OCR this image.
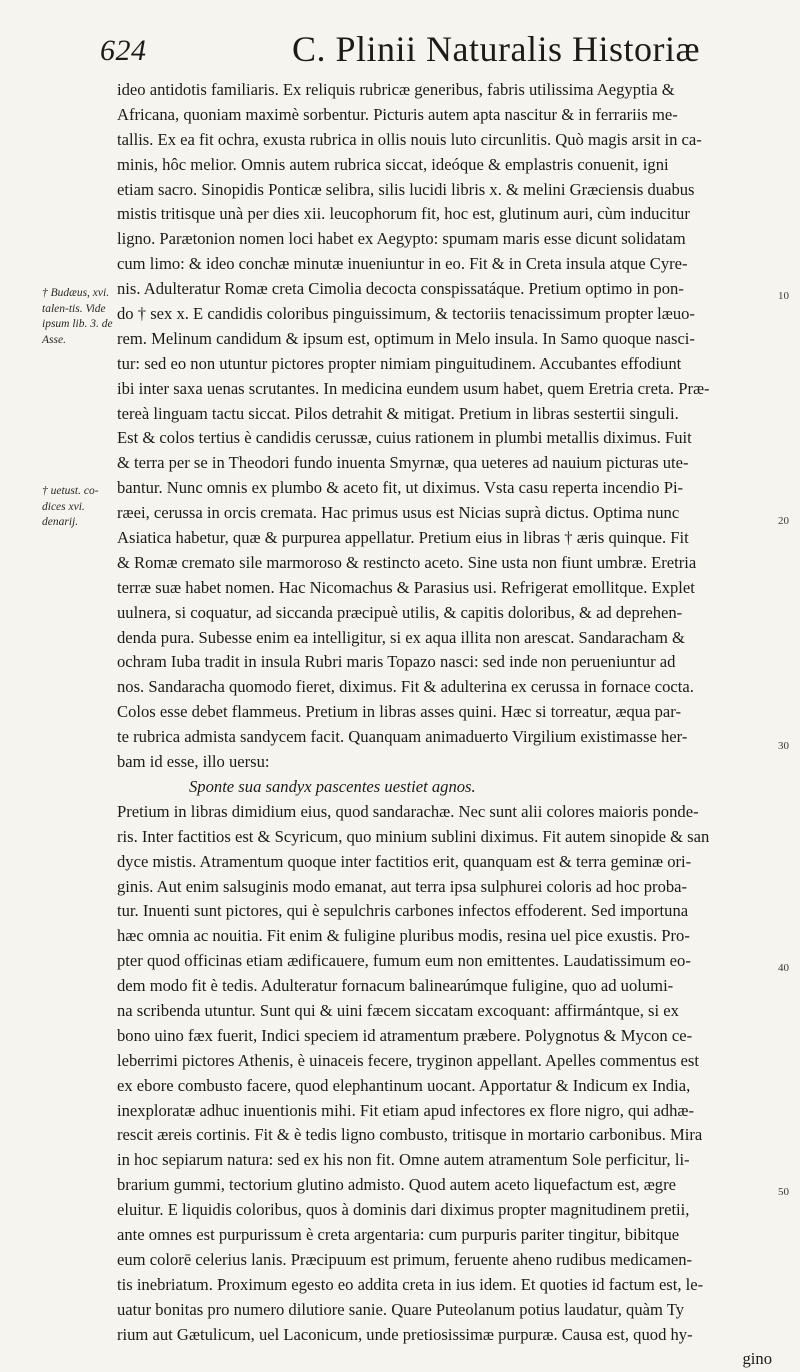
624	C. Plinii Naturalis Historiæ
† Budæus, xvi. talen-tis. Vide ipsum lib. 3. de Asse.
† uetust. co-dices xvi. denarij.
ideo antidotis familiaris. Ex reliquis rubricæ generibus, fabris utilissima Aegyptia &
Africana, quoniam maximè sorbentur. Picturis autem apta nascitur & in ferrariis me-
tallis. Ex ea fit ochra, exusta rubrica in ollis nouis luto circunlitis. Quò magis arsit in ca-
minis, hôc melior. Omnis autem rubrica siccat, ideóque & emplastris conuenit, igni
etiam sacro. Sinopidis Ponticæ selibra, silis lucidi libris x. & melini Græciensis duabus
mistis tritisque unà per dies xii. leucophorum fit, hoc est, glutinum auri, cùm inducitur
ligno. Parætonion nomen loci habet ex Aegypto: spumam maris esse dicunt solidatam
cum limo: & ideo conchæ minutæ inueniuntur in eo. Fit & in Creta insula atque Cyre-
nis. Adulteratur Romæ creta Cimolia decocta conspissatáque. Pretium optimo in pon-
do † sex x. E candidis coloribus pinguissimum, & tectoriis tenacissimum propter læuo-
rem. Melinum candidum & ipsum est, optimum in Melo insula. In Samo quoque nasci-
tur: sed eo non utuntur pictores propter nimiam pinguitudinem. Accubantes effodiunt
ibi inter saxa uenas scrutantes. In medicina eundem usum habet, quem Eretria creta. Præ-
tereà linguam tactu siccat. Pilos detrahit & mitigat. Pretium in libras sestertii singuli.
Est & colos tertius è candidis cerussæ, cuius rationem in plumbi metallis diximus. Fuit
& terra per se in Theodori fundo inuenta Smyrnæ, qua ueteres ad nauium picturas ute-
bantur. Nunc omnis ex plumbo & aceto fit, ut diximus. Vsta casu reperta incendio Pi-
ræei, cerussa in orcis cremata. Hac primus usus est Nicias suprà dictus. Optima nunc
Asiatica habetur, quæ & purpurea appellatur. Pretium eius in libras † æris quinque. Fit
& Romæ cremato sile marmoroso & restincto aceto. Sine usta non fiunt umbræ. Eretria
terræ suæ habet nomen. Hac Nicomachus & Parasius usi. Refrigerat emollitque. Explet
uulnera, si coquatur, ad siccanda præcipuè utilis, & capitis doloribus, & ad deprehen-
denda pura. Subesse enim ea intelligitur, si ex aqua illita non arescat. Sandaracham &
ochram Iuba tradit in insula Rubri maris Topazo nasci: sed inde non perueniuntur ad
nos. Sandaracha quomodo fieret, diximus. Fit & adulterina ex cerussa in fornace cocta.
Colos esse debet flammeus. Pretium in libras asses quini. Hæc si torreatur, æqua par-
te rubrica admista sandycem facit. Quanquam animaduerto Virgilium existimasse her-
bam id esse, illo uersu:
Sponte sua sandyx pascentes uestiet agnos.
Pretium in libras dimidium eius, quod sandarachæ. Nec sunt alii colores maioris ponde-
ris. Inter factitios est & Scyricum, quo minium sublini diximus. Fit autem sinopide & san
dyce mistis. Atramentum quoque inter factitios erit, quanquam est & terra geminæ ori-
ginis. Aut enim salsuginis modo emanat, aut terra ipsa sulphurei coloris ad hoc proba-
tur. Inuenti sunt pictores, qui è sepulchris carbones infectos effoderent. Sed importuna
hæc omnia ac nouitia. Fit enim & fuligine pluribus modis, resina uel pice exustis. Pro-
pter quod officinas etiam ædificauere, fumum eum non emittentes. Laudatissimum eo-
dem modo fit è tedis. Adulteratur fornacum balinearúmque fuligine, quo ad uolumi-
na scribenda utuntur. Sunt qui & uini fæcem siccatam excoquant: affirmántque, si ex
bono uino fæx fuerit, Indici speciem id atramentum præbere. Polygnotus & Mycon ce-
leberrimi pictores Athenis, è uinaceis fecere, tryginon appellant. Apelles commentus est
ex ebore combusto facere, quod elephantinum uocant. Apportatur & Indicum ex India,
inexploratæ adhuc inuentionis mihi. Fit etiam apud infectores ex flore nigro, qui adhæ-
rescit æreis cortinis. Fit & è tedis ligno combusto, tritisque in mortario carbonibus. Mira
in hoc sepiarum natura: sed ex his non fit. Omne autem atramentum Sole perficitur, li-
brarium gummi, tectorium glutino admisto. Quod autem aceto liquefactum est, ægre
eluitur. E liquidis coloribus, quos à dominis dari diximus propter magnitudinem pretii,
ante omnes est purpurissum è creta argentaria: cum purpuris pariter tingitur, bibitque
eum colorē celerius lanis. Præcipuum est primum, feruente aheno rudibus medicamen-
tis inebriatum. Proximum egesto eo addita creta in ius idem. Et quoties id factum est, le-
uatur bonitas pro numero dilutiore sanie. Quare Puteolanum potius laudatur, quàm Ty
rium aut Gætulicum, uel Laconicum, unde pretiosissimæ purpuræ. Causa est, quod hy-
gino
10
20
30
40
50
